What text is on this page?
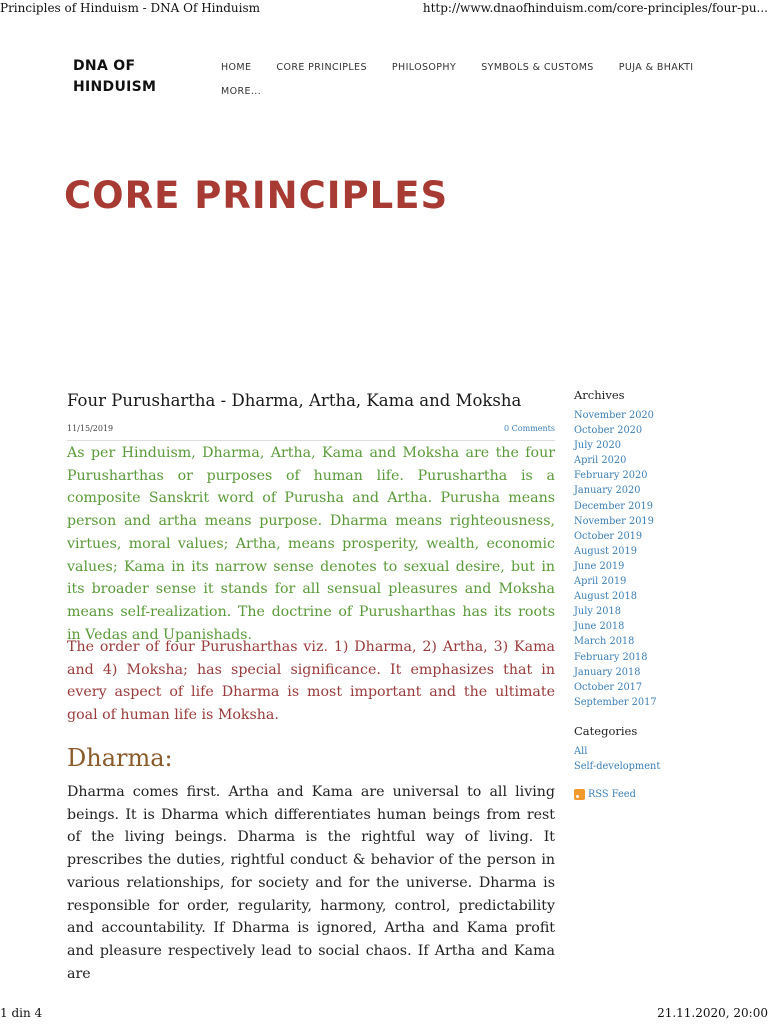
Principles of Hinduism - DNA Of Hinduism	http://www.dnaofhinduism.com/core-principles/four-pu...
DNA OF
HINDUISM
HOME	CORE PRINCIPLES	PHILOSOPHY	SYMBOLS & CUSTOMS	PUJA & BHAKTI
MORE...
CORE PRINCIPLES
Four Purushartha - Dharma, Artha, Kama and Moksha
11/15/2019	0 Comments

As per Hinduism, Dharma, Artha, Kama and Moksha are the four Purusharthas or purposes of human life. Purushartha is a composite Sanskrit word of Purusha and Artha. Purusha means person and artha means purpose. Dharma means righteousness, virtues, moral values; Artha, means prosperity, wealth, economic values; Kama in its narrow sense denotes to sexual desire, but in its broader sense it stands for all sensual pleasures and Moksha means self-realization. The doctrine of Purusharthas has its roots in Vedas and Upanishads.

The order of four Purusharthas viz. 1) Dharma, 2) Artha, 3) Kama and 4) Moksha; has special significance. It emphasizes that in every aspect of life Dharma is most important and the ultimate goal of human life is Moksha.

Dharma:

Dharma comes first. Artha and Kama are universal to all living beings. It is Dharma which differentiates human beings from rest of the living beings. Dharma is the rightful way of living. It prescribes the duties, rightful conduct & behavior of the person in various relationships, for society and for the universe. Dharma is responsible for order, regularity, harmony, control, predictability and accountability. If Dharma is ignored, Artha and Kama profit and pleasure respectively lead to social chaos. If Artha and Kama are

Archives
November 2020
October 2020
July 2020
April 2020
February 2020
January 2020
December 2019
November 2019
October 2019
August 2019
June 2019
April 2019
August 2018
July 2018
June 2018
March 2018
February 2018
January 2018
October 2017
September 2017
Categories
All
Self-development
RSS Feed
1 din 4	21.11.2020, 20:00
